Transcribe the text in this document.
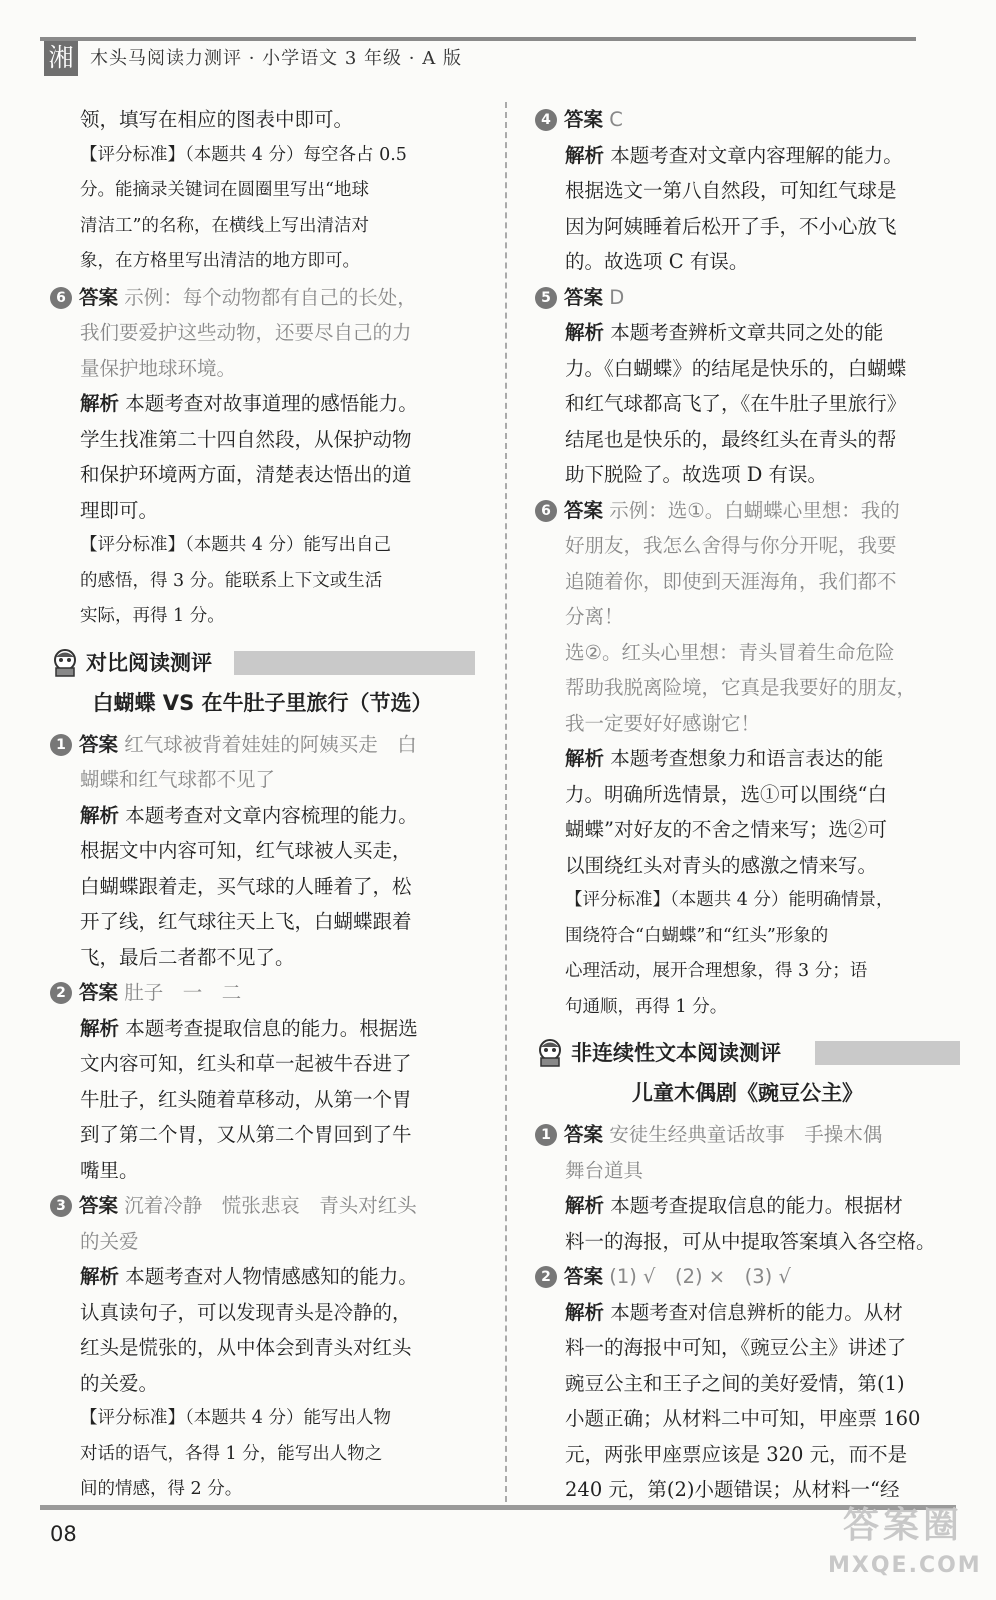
湘 木头马阅读力测评 · 小学语文 3 年级 · A 版

领，填写在相应的图表中即可。

【评分标准】（本题共 4 分）每空各占 0.5

分。能摘录关键词在圆圈里写出“地球

清洁工”的名称，在横线上写出清洁对

象，在方格里写出清洁的地方即可。

6 答案 示例：每个动物都有自己的长处，

我们要爱护这些动物，还要尽自己的力

量保护地球环境。

解析 本题考查对故事道理的感悟能力。

学生找准第二十四自然段，从保护动物

和保护环境两方面，清楚表达悟出的道

理即可。

【评分标准】（本题共 4 分）能写出自己

的感悟，得 3 分。能联系上下文或生活

实际，再得 1 分。

对比阅读测评

白蝴蝶 VS 在牛肚子里旅行（节选）

1 答案 红气球被背着娃娃的阿姨买走　白

蝴蝶和红气球都不见了

解析 本题考查对文章内容梳理的能力。

根据文中内容可知，红气球被人买走，

白蝴蝶跟着走，买气球的人睡着了，松

开了线，红气球往天上飞，白蝴蝶跟着

飞，最后二者都不见了。

2 答案 肚子　一　二

解析 本题考查提取信息的能力。根据选

文内容可知，红头和草一起被牛吞进了

牛肚子，红头随着草移动，从第一个胃

到了第二个胃，又从第二个胃回到了牛

嘴里。

3 答案 沉着冷静　慌张悲哀　青头对红头

的关爱

解析 本题考查对人物情感感知的能力。

认真读句子，可以发现青头是冷静的，

红头是慌张的，从中体会到青头对红头

的关爱。

【评分标准】（本题共 4 分）能写出人物

对话的语气，各得 1 分，能写出人物之

间的情感，得 2 分。

4 答案 C

解析 本题考查对文章内容理解的能力。

根据选文一第八自然段，可知红气球是

因为阿姨睡着后松开了手，不小心放飞

的。故选项 C 有误。

5 答案 D

解析 本题考查辨析文章共同之处的能

力。《白蝴蝶》的结尾是快乐的，白蝴蝶

和红气球都高飞了，《在牛肚子里旅行》

结尾也是快乐的，最终红头在青头的帮

助下脱险了。故选项 D 有误。

6 答案 示例：选①。白蝴蝶心里想：我的

好朋友，我怎么舍得与你分开呢，我要

追随着你，即使到天涯海角，我们都不

分离！

选②。红头心里想：青头冒着生命危险

帮助我脱离险境，它真是我要好的朋友，

我一定要好好感谢它！

解析 本题考查想象力和语言表达的能

力。明确所选情景，选①可以围绕“白

蝴蝶”对好友的不舍之情来写；选②可

以围绕红头对青头的感激之情来写。

【评分标准】（本题共 4 分）能明确情景，

围绕符合“白蝴蝶”和“红头”形象的

心理活动，展开合理想象，得 3 分；语

句通顺，再得 1 分。

非连续性文本阅读测评

儿童木偶剧《豌豆公主》

1 答案 安徒生经典童话故事　手操木偶

舞台道具

解析 本题考查提取信息的能力。根据材

料一的海报，可从中提取答案填入各空格。

2 答案 (1) √　(2) ×　(3) √

解析 本题考查对信息辨析的能力。从材

料一的海报中可知，《豌豆公主》讲述了

豌豆公主和王子之间的美好爱情，第(1)

小题正确；从材料二中可知，甲座票 160

元，两张甲座票应该是 320 元，而不是

240 元，第(2)小题错误；从材料一“经

08	答案圈
MXQE.COM
